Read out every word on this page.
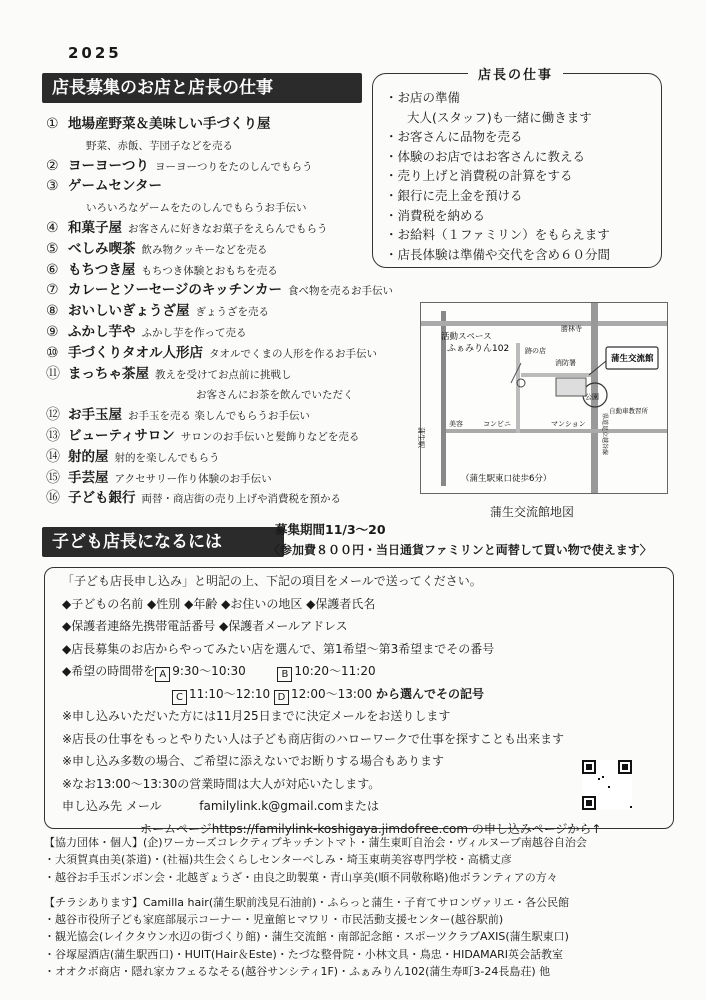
2025
店長募集のお店と店長の仕事
① 地場産野菜＆美味しい手づくり屋
野菜、赤飯、芋団子などを売る
② ヨーヨーつり ヨーヨーつりをたのしんでもらう
③ ゲームセンター
いろいろなゲームをたのしんでもらうお手伝い
④ 和菓子屋 お客さんに好きなお菓子をえらんでもらう
⑤ べしみ喫茶 飲み物クッキーなどを売る
⑥ もちつき屋 もちつき体験とおもちを売る
⑦ カレーとソーセージのキッチンカー 食べ物を売るお手伝い
⑧ おいしいぎょうざ屋 ぎょうざを売る
⑨ ふかし芋や ふかし芋を作って売る
⑩ 手づくりタオル人形店 タオルでくまの人形を作るお手伝い
⑪ まっちゃ茶屋 教えを受けてお点前に挑戦し
お客さんにお茶を飲んでいただく
⑫ お手玉屋 お手玉を売る 楽しんでもらうお手伝い
⑬ ビューティサロン サロンのお手伝いと髪飾りなどを売る
⑭ 射的屋 射的を楽しんでもらう
⑮ 手芸屋 アクセサリー作り体験のお手伝い
⑯ 子ども銀行 両替・商店街の売り上げや消費税を預かる
・お店の準備
大人(スタッフ)も一緒に働きます
・お客さんに品物を売る
・体験のお店ではお客さんに教える
・売り上げと消費税の計算をする
・銀行に売上金を預ける
・消費税を納める
・お給料（１ファミリン）をもらえます
・店長体験は準備や交代を含め６０分間
店長の仕事
活動スペース
ふぁみりん102
勝林寺
跡の店
消防署	蒲生交流館
公園
自動車教習所
美容	コンビニ	マンション
蒲生駅	県道足立越谷線
（蒲生駅東口徒歩6分）
蒲生交流館地図
子ども店長になるには
募集期間11/3～20
〈参加費８００円・当日通貨ファミリンと両替して買い物で使えます〉
「子ども店長申し込み」と明記の上、下記の項目をメールで送ってください。
◆子どもの名前 ◆性別 ◆年齢 ◆お住いの地区 ◆保護者氏名
◆保護者連絡先携帯電話番号 ◆保護者メールアドレス
◆店長募集のお店からやってみたい店を選んで、第1希望～第3希望までその番号
◆希望の時間帯を A 9:30～10:30	B 10:20～11:20
C 11:10～12:10 D 12:00～13:00 から選んでその記号
※申し込みいただいた方には11月25日までに決定メールをお送りします
※店長の仕事をもっとやりたい人は子ども商店街のハローワークで仕事を探すことも出来ます
※申し込み多数の場合、ご希望に添えないでお断りする場合もあります
※なお13:00～13:30の営業時間は大人が対応いたします。
申し込み先 メール	familylink.k@gmail.comまたは
ホームページhttps://familylink-koshigaya.jimdofree.com の申し込みページから↑
【協力団体・個人】(企)ワーカーズコレクティブキッチントマト・蒲生東町自治会・ヴィルヌーブ南越谷自治会
・大須賀真由美(茶道)・(社福)共生会くらしセンターべしみ・埼玉東萌美容専門学校・高橋丈彦
・越谷お手玉ボンボン会・北越ぎょうざ・由良之助製菓・青山享美(順不同敬称略)他ボランティアの方々
【チラシあります】Camilla hair(蒲生駅前浅見石油前)・ふらっと蒲生・子育てサロンヴァリエ・各公民館
・越谷市役所子ども家庭部展示コーナー・児童館ヒマワリ・市民活動支援センター(越谷駅前)
・観光協会(レイクタウン水辺の街づくり館)・蒲生交流館・南部記念館・スポーツクラブAXIS(蒲生駅東口)
・谷塚屋酒店(蒲生駅西口)・HUIT(Hair＆Este)・たづな整骨院・小林文具・鳥忠・HIDAMARI英会話教室
・オオクボ商店・隠れ家カフェるなそる(越谷サンシティ1F)・ふぁみりん102(蒲生寿町3-24長島荘) 他
